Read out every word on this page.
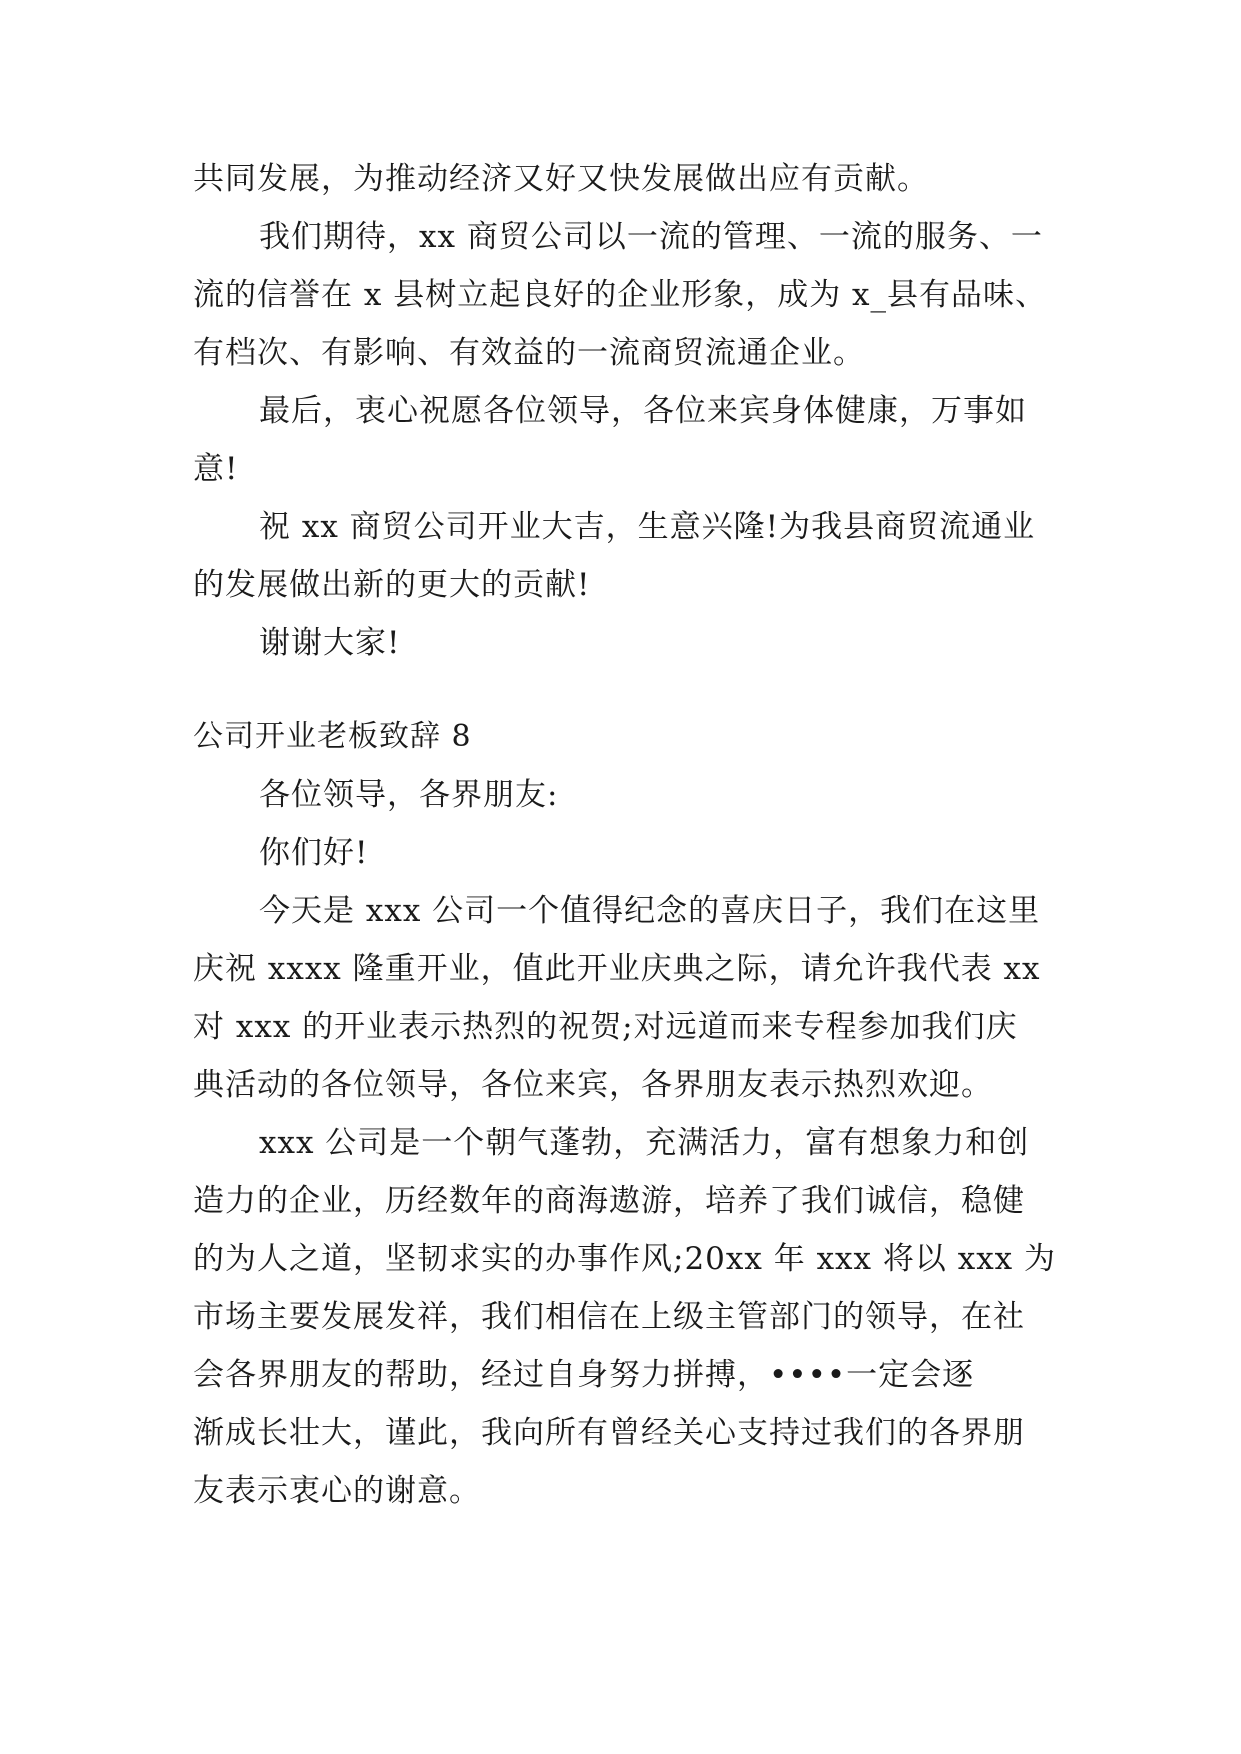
共同发展，为推动经济又好又快发展做出应有贡献。
我们期待，xx 商贸公司以一流的管理、一流的服务、一
流的信誉在 x 县树立起良好的企业形象，成为 x_县有品味、
有档次、有影响、有效益的一流商贸流通企业。
最后，衷心祝愿各位领导，各位来宾身体健康，万事如
意!
祝 xx 商贸公司开业大吉，生意兴隆!为我县商贸流通业
的发展做出新的更大的贡献!
谢谢大家!
公司开业老板致辞 8
各位领导，各界朋友:
你们好!
今天是 xxx 公司一个值得纪念的喜庆日子，我们在这里
庆祝 xxxx 隆重开业，值此开业庆典之际，请允许我代表 xx
对 xxx 的开业表示热烈的祝贺;对远道而来专程参加我们庆
典活动的各位领导，各位来宾，各界朋友表示热烈欢迎。
xxx 公司是一个朝气蓬勃，充满活力，富有想象力和创
造力的企业，历经数年的商海遨游，培养了我们诚信，稳健
的为人之道，坚韧求实的办事作风;20xx 年 xxx 将以 xxx 为
市场主要发展发祥，我们相信在上级主管部门的领导，在社
会各界朋友的帮助，经过自身努力拼搏，••••一定会逐
渐成长壮大，谨此，我向所有曾经关心支持过我们的各界朋
友表示衷心的谢意。
